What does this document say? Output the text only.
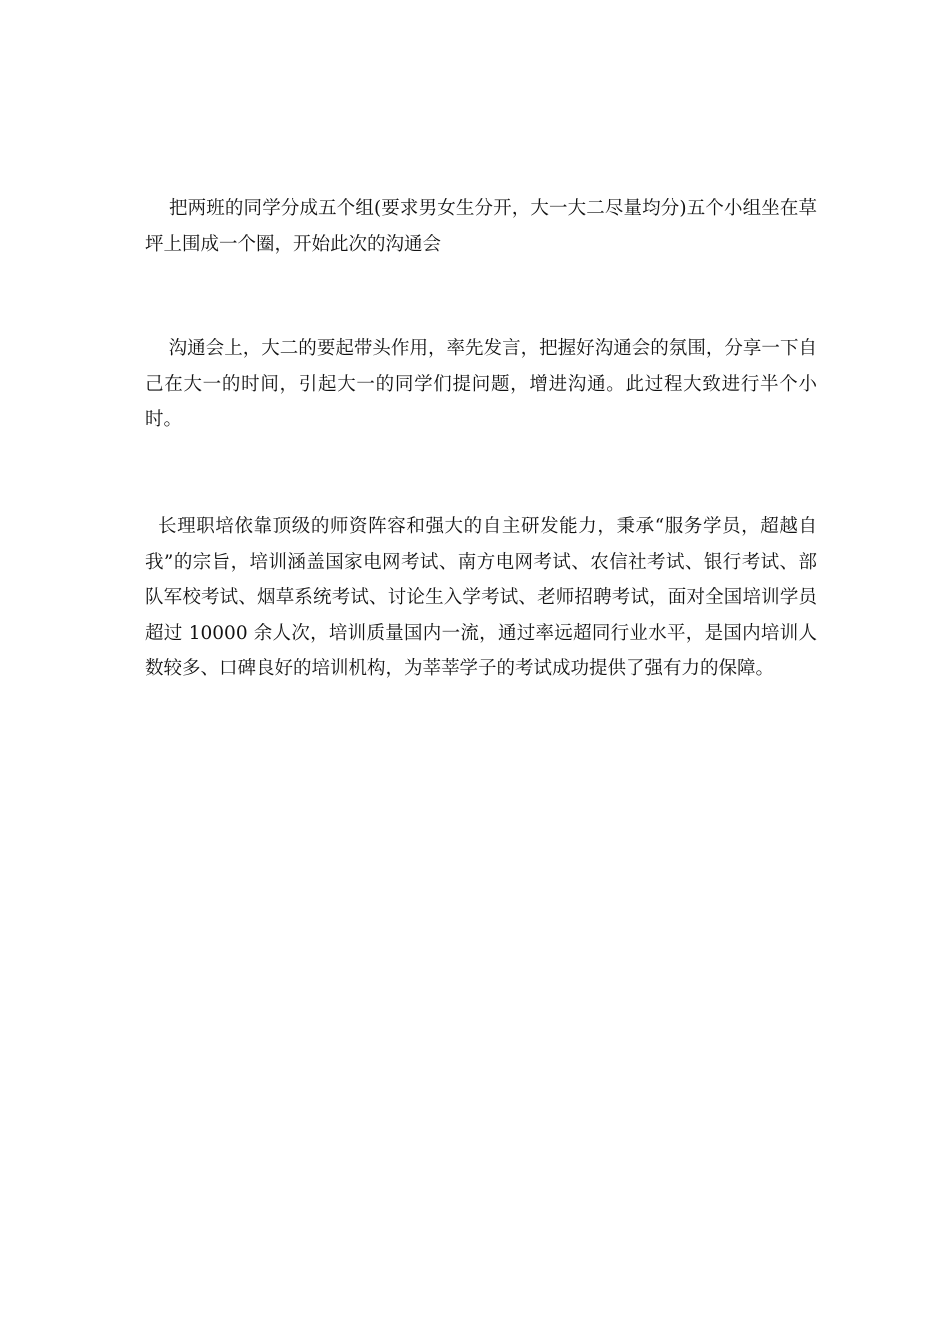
把两班的同学分成五个组(要求男女生分开，大一大二尽量均分)五个小组坐在草坪上围成一个圈，开始此次的沟通会

沟通会上，大二的要起带头作用，率先发言，把握好沟通会的氛围，分享一下自己在大一的时间，引起大一的同学们提问题，增进沟通。此过程大致进行半个小时。

长理职培依靠顶级的师资阵容和强大的自主研发能力，秉承“服务学员，超越自我”的宗旨，培训涵盖国家电网考试、南方电网考试、农信社考试、银行考试、部队军校考试、烟草系统考试、讨论生入学考试、老师招聘考试，面对全国培训学员超过 10000 余人次，培训质量国内一流，通过率远超同行业水平，是国内培训人数较多、口碑良好的培训机构，为莘莘学子的考试成功提供了强有力的保障。
